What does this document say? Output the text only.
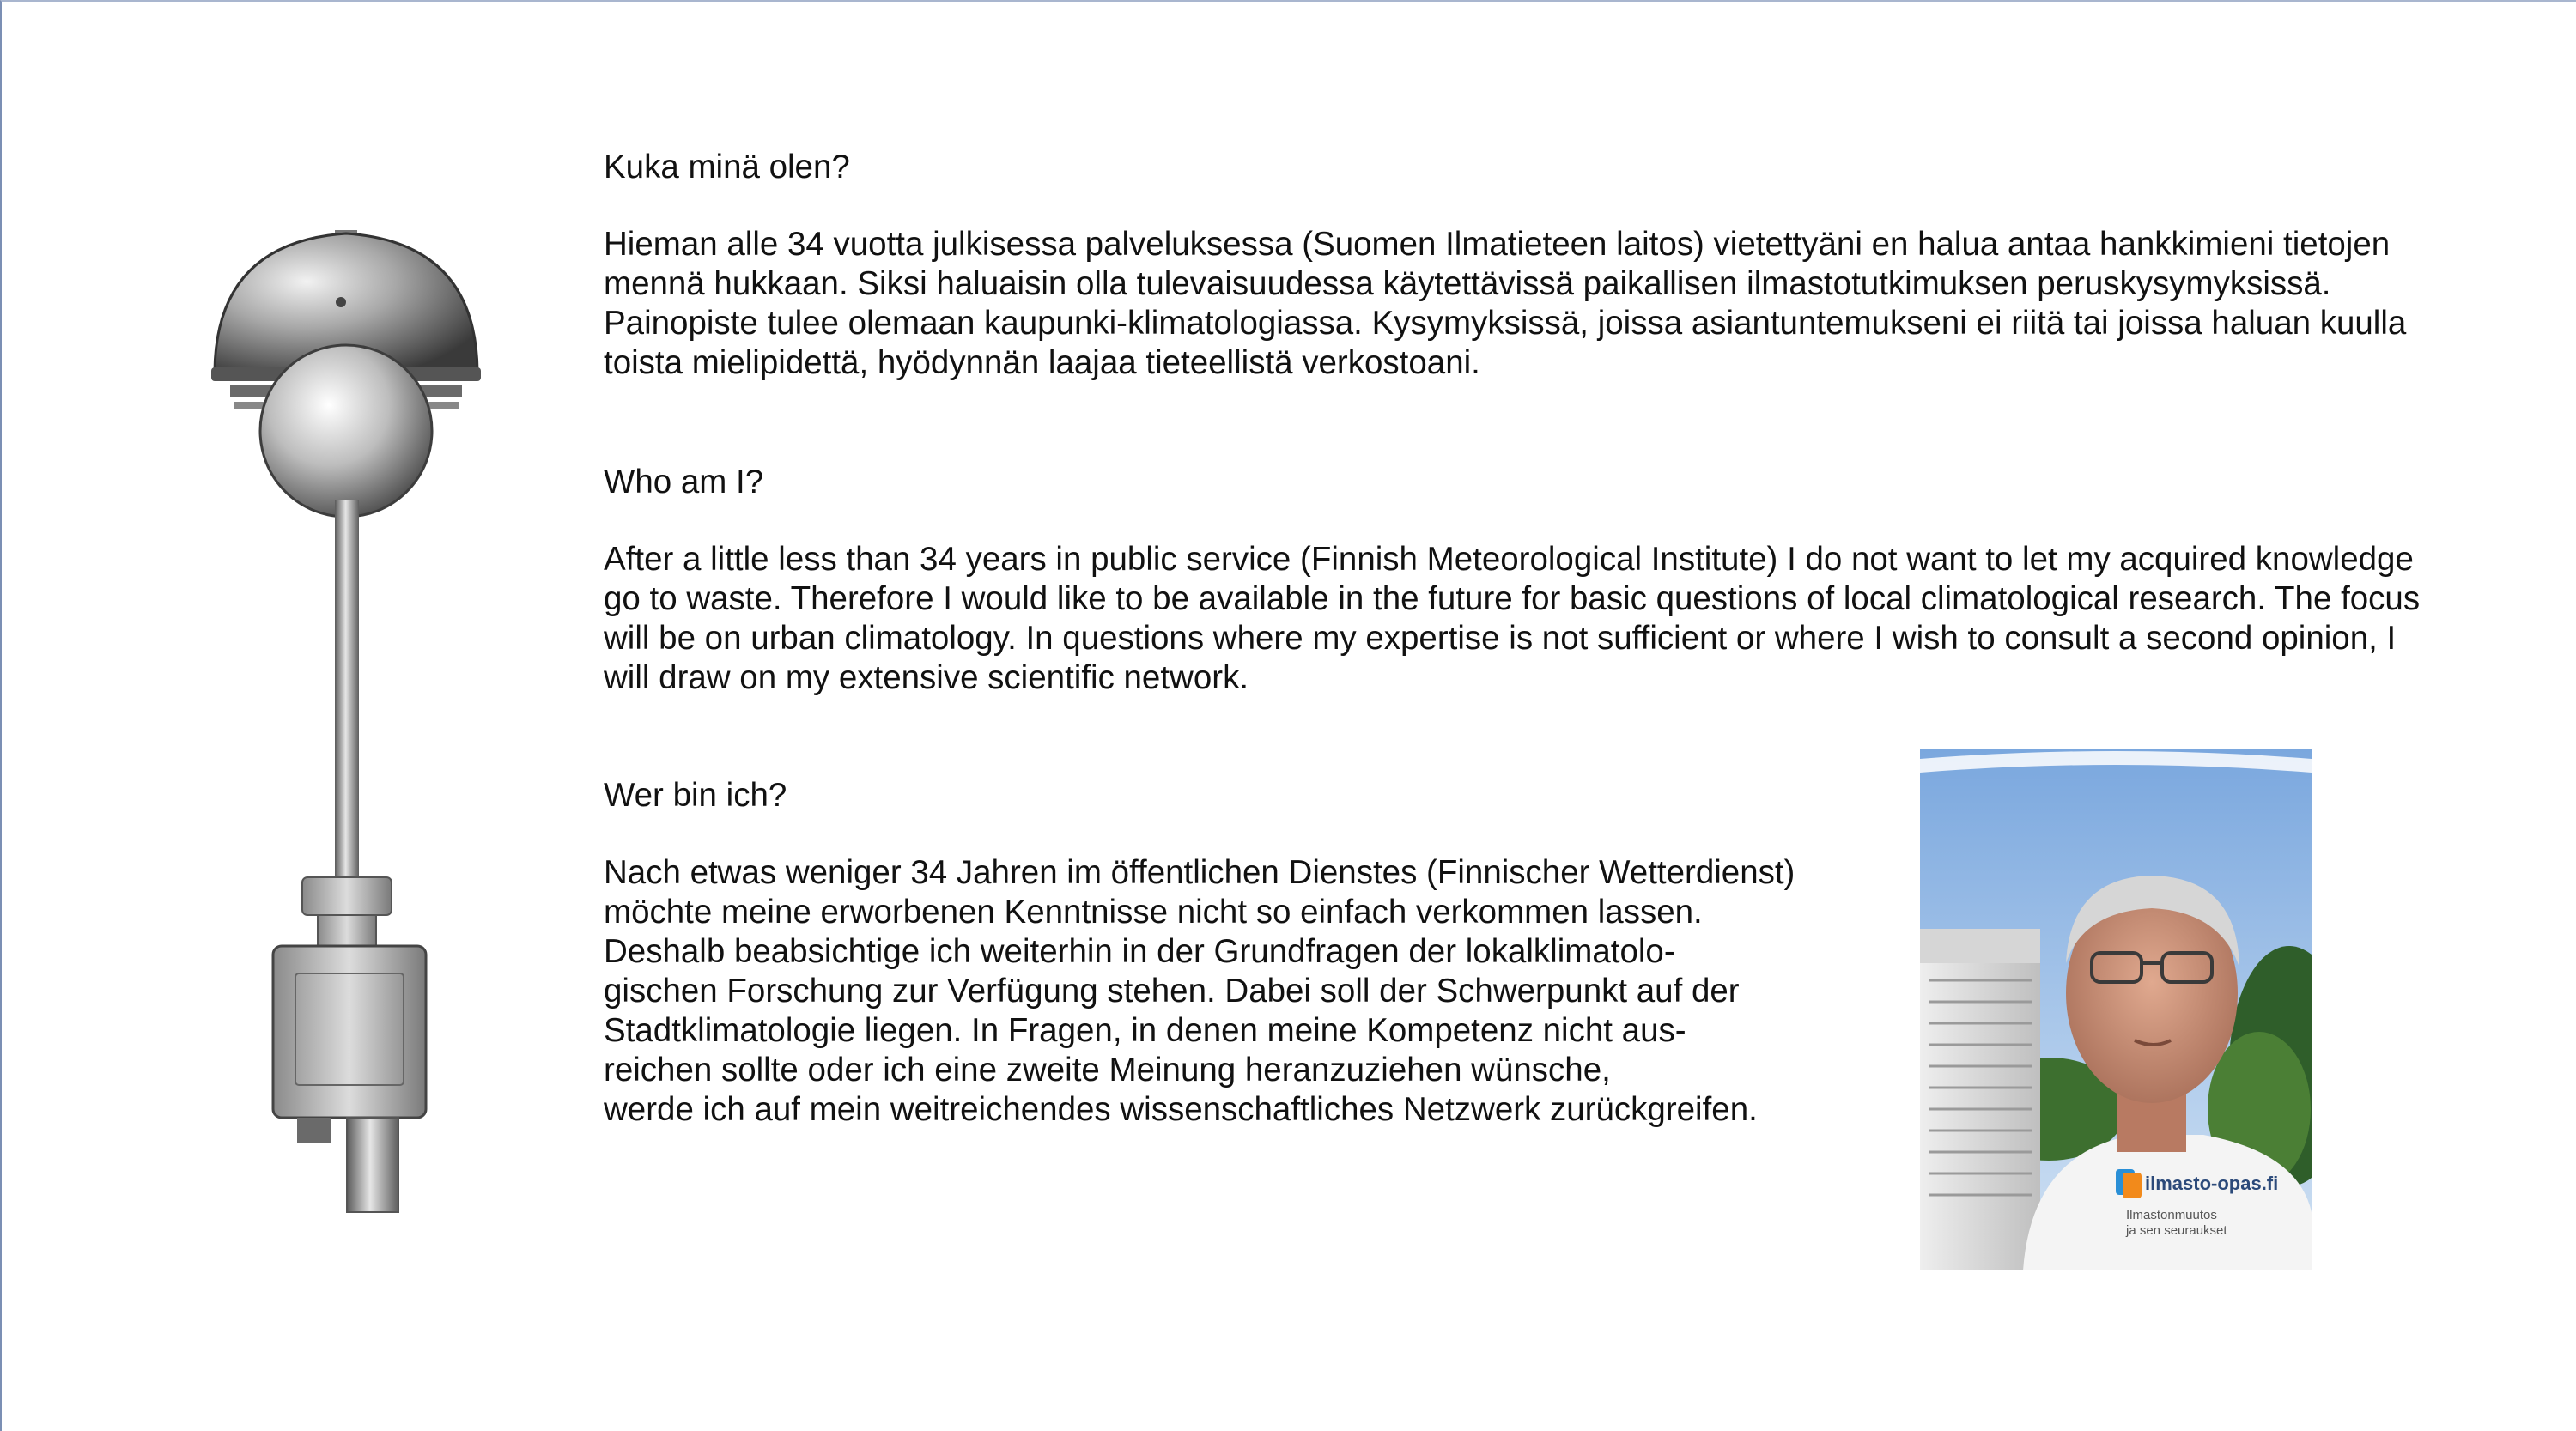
Kuka minä olen?

Hieman alle 34 vuotta julkisessa palveluksessa (Suomen Ilmatieteen laitos) vietettyäni en halua antaa hankkimieni tietojen mennä hukkaan. Siksi haluaisin olla tulevaisuudessa käytettävissä paikallisen ilmastotutkimuksen peruskysymyksissä. Painopiste tulee olemaan kaupunki-klimatologiassa. Kysymyksissä, joissa asiantuntemukseni ei riitä tai joissa haluan kuulla toista mielipidettä, hyödynnän laajaa tieteellistä verkostoani.

Who am I?

After a little less than 34 years in public service (Finnish Meteorological Institute) I do not want to let my acquired knowledge go to waste. Therefore I would like to be available in the future for basic questions of local climatological research. The focus will be on urban climatology. In questions where my expertise is not sufficient or where I wish to consult a second opinion, I will draw on my extensive scientific network.

Wer bin ich?

Nach etwas weniger 34 Jahren im öffentlichen Dienstes (Finnischer Wetterdienst)

möchte meine erworbenen Kenntnisse nicht so einfach verkommen lassen.

Deshalb beabsichtige ich weiterhin in der Grundfragen der lokalklimatolo-

gischen Forschung zur Verfügung stehen. Dabei soll der Schwerpunkt auf der

Stadtklimatologie liegen. In Fragen, in denen meine Kompetenz nicht aus-

reichen sollte oder ich eine zweite Meinung heranzuziehen wünsche,

werde ich auf mein weitreichendes wissenschaftliches Netzwerk zurückgreifen.

ilmasto-opas.fi
Ilmastonmuutos
ja sen seuraukset
